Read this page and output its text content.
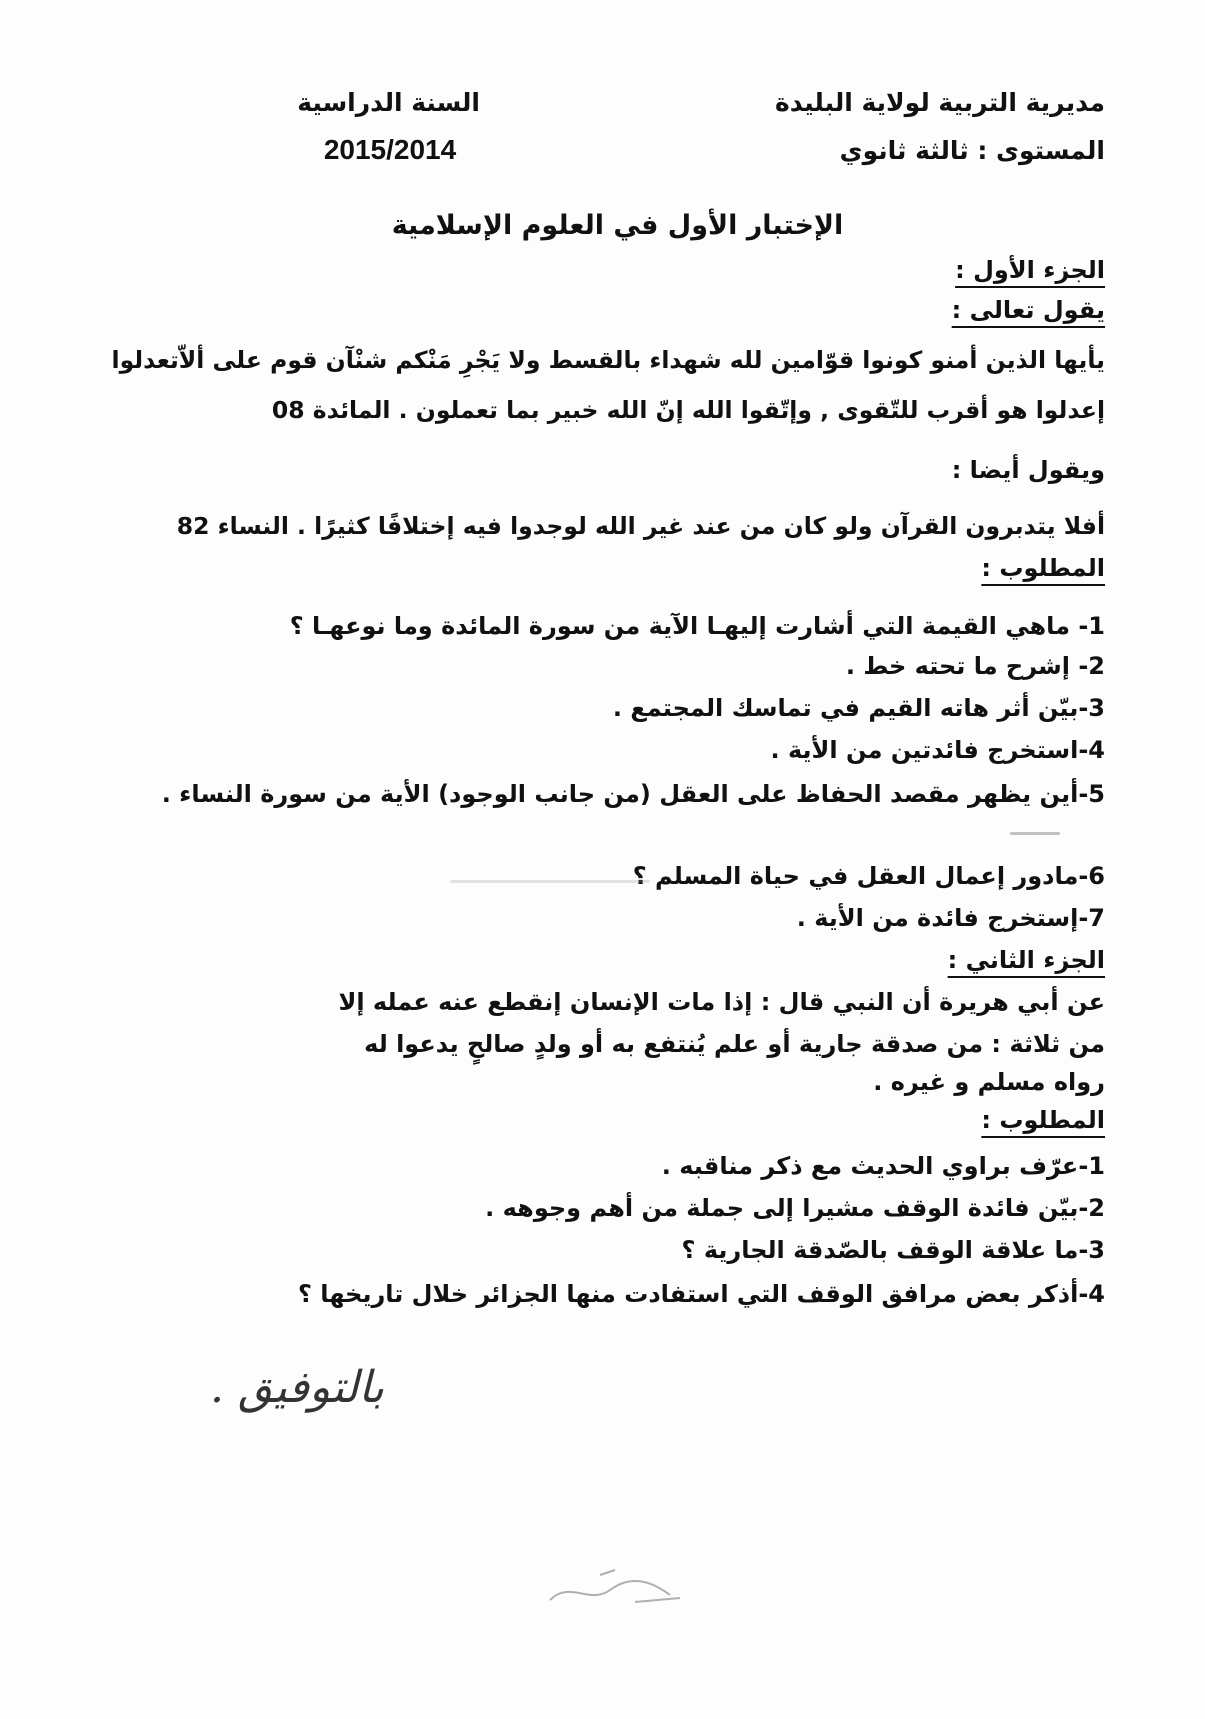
مديرية التربية لولاية البليدة
المستوى : ثالثة ثانوي
السنة الدراسية
2015/2014
الإختبار الأول في العلوم الإسلامية
الجزء الأول :
يقول تعالى :
يأيها الذين أمنو كونوا قوّامين لله شهداء بالقسط ولا يَجْرِ مَنْكم شنْآن قوم على ألاّتعدلوا
إعدلوا هو أقرب للتّقوى , وإتّقوا الله إنّ الله خبير بما تعملون . المائدة 08
ويقول أيضا :
أفلا يتدبرون القرآن ولو كان من عند غير الله لوجدوا فيه إختلافًا كثيرًا . النساء 82
المطلوب :
1- ماهي القيمة التي أشارت إليهـا الآية من سورة المائدة وما نوعهـا ؟
2- إشرح ما تحته خط .
3-بيّن أثر هاته القيم في تماسك المجتمع .
4-استخرج فائدتين من الأية .
5-أين يظهر مقصد الحفاظ على العقل (من جانب الوجود) الأية من سورة النساء .
6-مادور إعمال العقل في حياة المسلم ؟
7-إستخرج فائدة من الأية .
الجزء الثاني :
عن أبي هريرة أن النبي قال : إذا مات الإنسان إنقطع عنه عمله إلا
من ثلاثة : من صدقة جارية أو علم يُنتفع به أو ولدٍ صالحٍ يدعوا له
رواه مسلم و غيره .
المطلوب :
1-عرّف براوي الحديث مع ذكر مناقبه .
2-بيّن فائدة الوقف مشيرا إلى جملة من أهم وجوهه .
3-ما علاقة الوقف بالصّدقة الجارية ؟
4-أذكر بعض مرافق الوقف التي استفادت منها الجزائر خلال تاريخها ؟
بالتوفيق .
